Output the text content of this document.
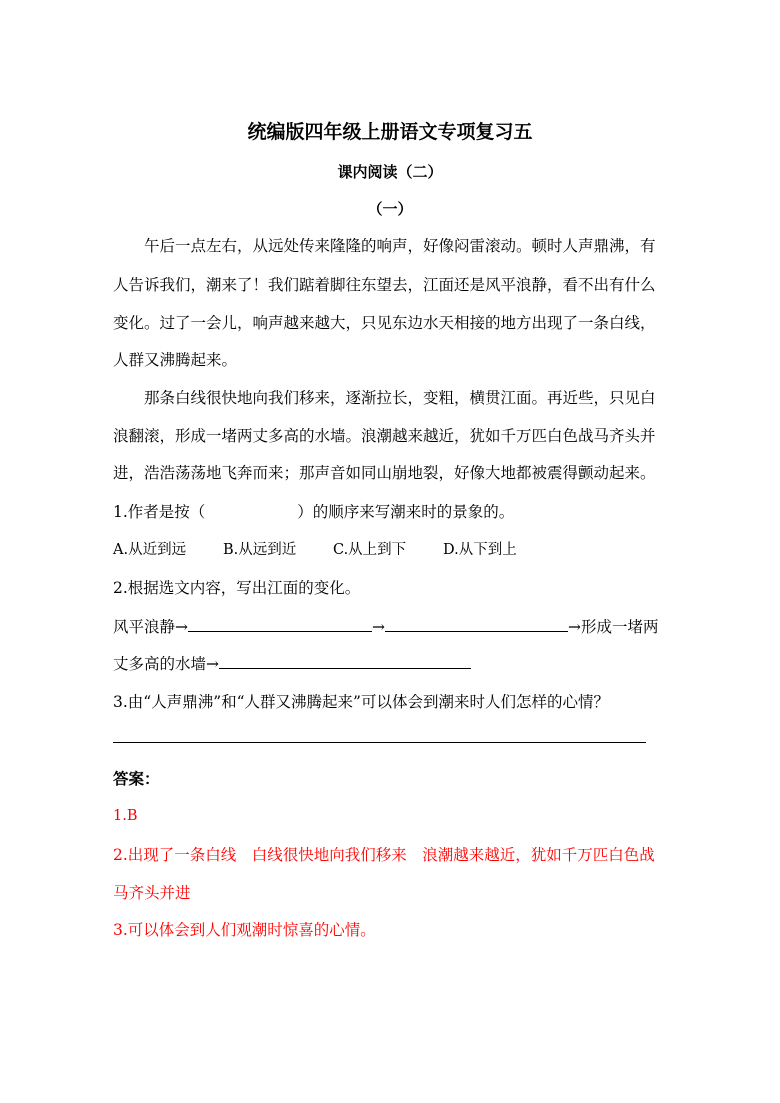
统编版四年级上册语文专项复习五
课内阅读（二）
（一）
午后一点左右，从远处传来隆隆的响声，好像闷雷滚动。顿时人声鼎沸，有
人告诉我们，潮来了！我们踮着脚往东望去，江面还是风平浪静，看不出有什么
变化。过了一会儿，响声越来越大，只见东边水天相接的地方出现了一条白线，
人群又沸腾起来。
那条白线很快地向我们移来，逐渐拉长，变粗，横贯江面。再近些，只见白
浪翻滚，形成一堵两丈多高的水墙。浪潮越来越近，犹如千万匹白色战马齐头并
进，浩浩荡荡地飞奔而来；那声音如同山崩地裂，好像大地都被震得颤动起来。
1.作者是按（	）的顺序来写潮来时的景象的。
A.从近到远	B.从远到近	C.从上到下	D.从下到上
2.根据选文内容，写出江面的变化。
风平浪静→	→	→形成一堵两
丈多高的水墙→
3.由“人声鼎沸”和“人群又沸腾起来”可以体会到潮来时人们怎样的心情？
答案：
1.B
2.出现了一条白线　白线很快地向我们移来　浪潮越来越近，犹如千万匹白色战
马齐头并进
3.可以体会到人们观潮时惊喜的心情。
